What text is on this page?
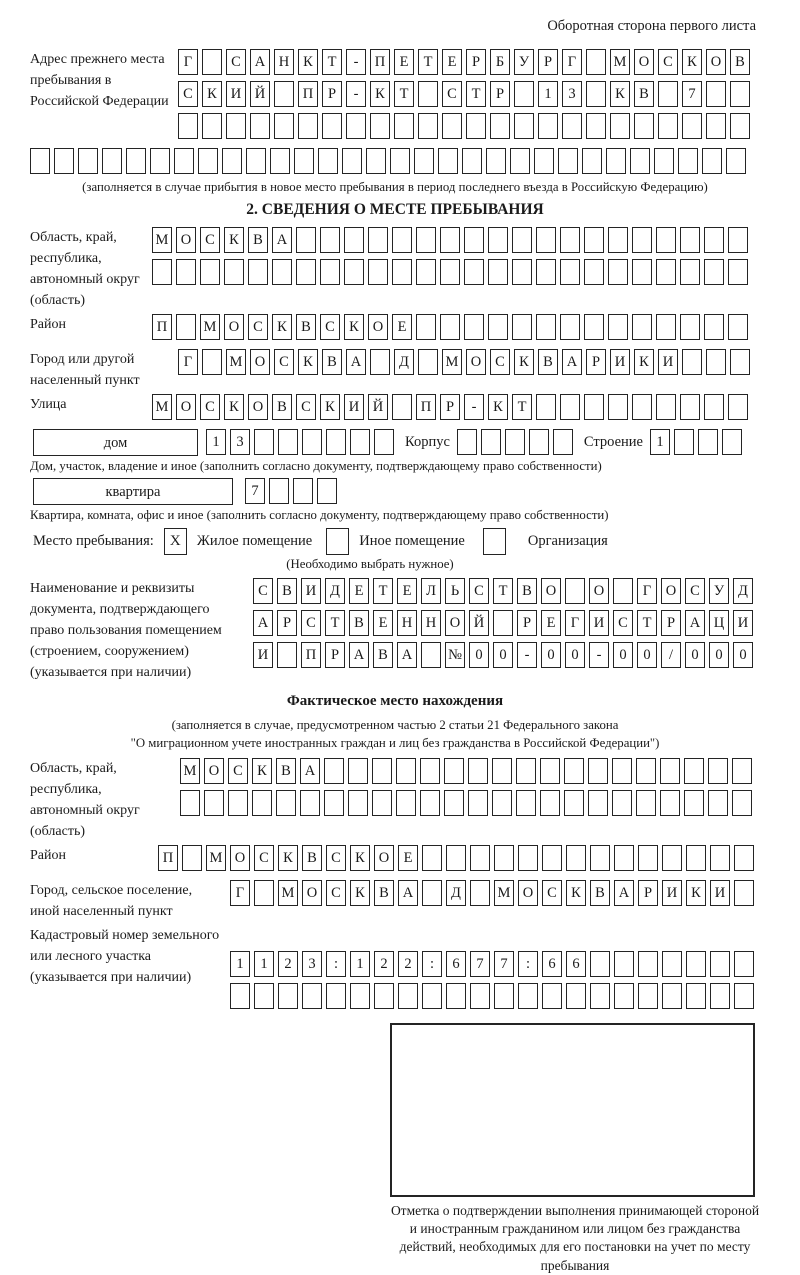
Оборотная сторона первого листа
Адрес прежнего места пребывания в Российской Федерации
Г	С А Н К Т - П Е Т Е Р Б У Р Г	М О С К О В
С К И Й	П Р - К Т	С Т Р	1 3	К В	7
(заполняется в случае прибытия в новое место пребывания в период последнего въезда в Российскую Федерацию)
2. СВЕДЕНИЯ О МЕСТЕ ПРЕБЫВАНИЯ
Область, край, республика, автономный округ (область)
М О С К В А
Район	П	М О С К В С К О Е
Город или другой населенный пункт
Г	М О С К В А	Д	М О С К В А Р И К И
Улица	М О С К О В С К И Й	П Р - К Т
дом	1 3	Корпус	Строение 1
Дом, участок, владение и иное (заполнить согласно документу, подтверждающему право собственности)
квартира	7
Квартира, комната, офис и иное (заполнить согласно документу, подтверждающему право собственности)
Место пребывания: X Жилое помещение	Иное помещение	Организация
(Необходимо выбрать нужное)
Наименование и реквизиты документа, подтверждающего право пользования помещением (строением, сооружением) (указывается при наличии)
С В И Д Е Т Е Л Ь С Т В О	О	Г О С У Д
А Р С Т В Е Н Н О Й	Р Е Г И С Т Р А Ц И
И	П Р А В А № 0 0 - 0 0 - 0 0 / 0 0 0
Фактическое место нахождения
(заполняется в случае, предусмотренном частью 2 статьи 21 Федерального закона
"О миграционном учете иностранных граждан и лиц без гражданства в Российской Федерации")
Область, край, республика, автономный округ (область)
М О С К В А
Район	П	М О С К В С К О Е
Город, сельское поселение, иной населенный пункт
Г	М О С К В А	Д	М О С К В А Р И К И
Кадастровый номер земельного или лесного участка (указывается при наличии)
1 1 2 3 : 1 2 2 : 6 7 7 : 6 6
Отметка о подтверждении выполнения принимающей стороной и иностранным гражданином или лицом без гражданства действий, необходимых для его постановки на учет по месту пребывания
